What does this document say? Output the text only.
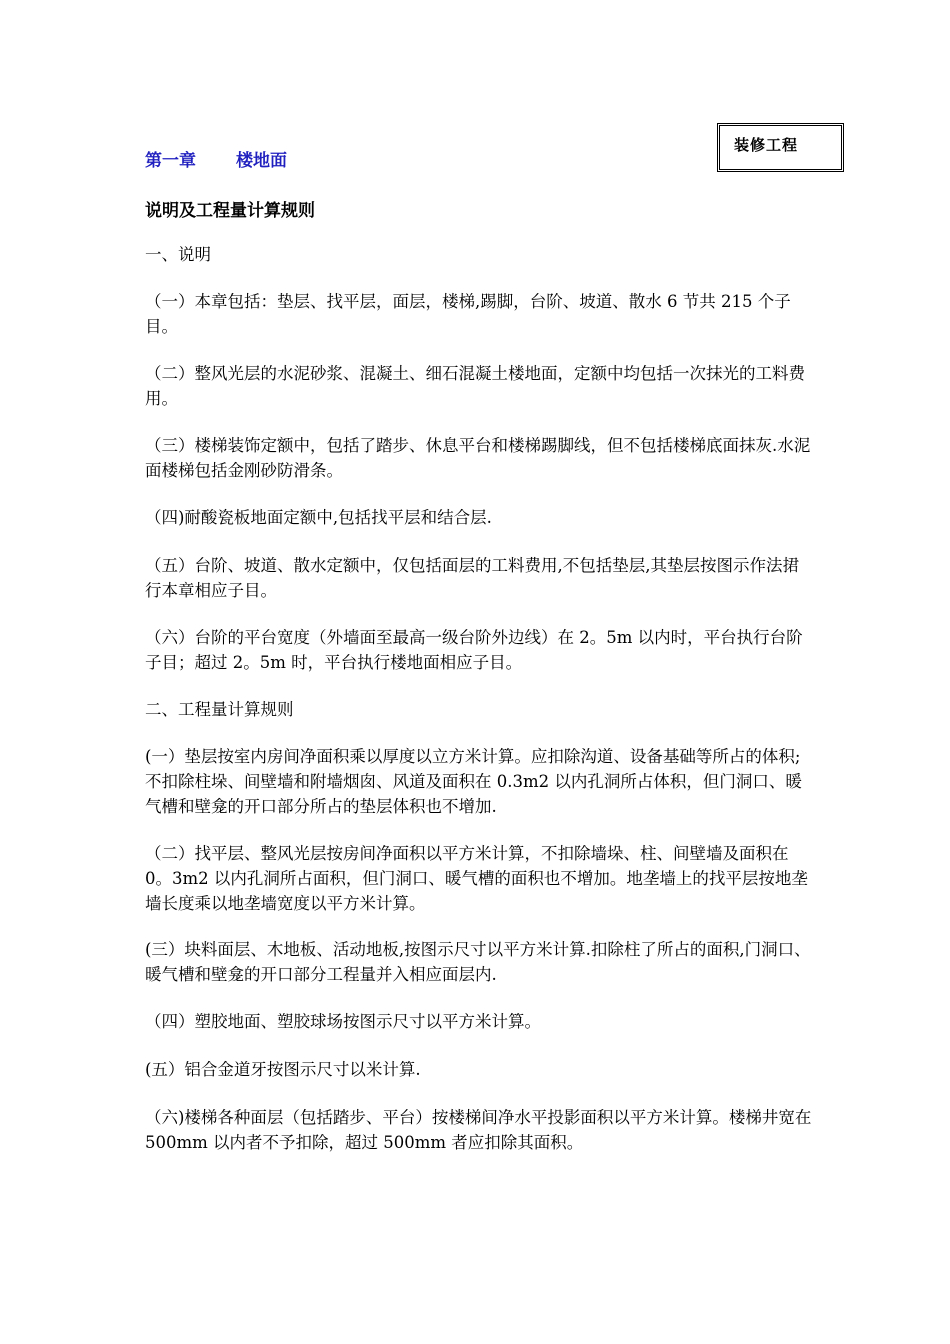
装修工程
第一章 楼地面
说明及工程量计算规则
一、说明
（一）本章包括：垫层、找平层，面层，楼梯,踢脚，台阶、坡道、散水 6 节共 215 个子目。
（二）整风光层的水泥砂浆、混凝土、细石混凝土楼地面，定额中均包括一次抹光的工料费用。
（三）楼梯装饰定额中，包括了踏步、休息平台和楼梯踢脚线，但不包括楼梯底面抹灰.水泥面楼梯包括金刚砂防滑条。
（四)耐酸瓷板地面定额中,包括找平层和结合层.
（五）台阶、坡道、散水定额中，仅包括面层的工料费用,不包括垫层,其垫层按图示作法捃行本章相应子目。
（六）台阶的平台宽度（外墙面至最高一级台阶外边线）在 2。5m 以内时，平台执行台阶子目；超过 2。5m 时，平台执行楼地面相应子目。
二、工程量计算规则
(一）垫层按室内房间净面积乘以厚度以立方米计算。应扣除沟道、设备基础等所占的体积;不扣除柱垛、间壁墙和附墙烟囱、风道及面积在 0.3m2 以内孔洞所占体积，但门洞口、暖气槽和壁龛的开口部分所占的垫层体积也不增加.
（二）找平层、整风光层按房间净面积以平方米计算，不扣除墙垛、柱、间壁墙及面积在 0。3m2 以内孔洞所占面积，但门洞口、暖气槽的面积也不增加。地垄墙上的找平层按地垄墙长度乘以地垄墙宽度以平方米计算。
(三）块料面层、木地板、活动地板,按图示尺寸以平方米计算.扣除柱了所占的面积,门洞口、暖气槽和壁龛的开口部分工程量并入相应面层内.
（四）塑胶地面、塑胶球场按图示尺寸以平方米计算。
(五）铝合金道牙按图示尺寸以米计算.
（六)楼梯各种面层（包括踏步、平台）按楼梯间净水平投影面积以平方米计算。楼梯井宽在 500mm 以内者不予扣除，超过 500mm 者应扣除其面积。
